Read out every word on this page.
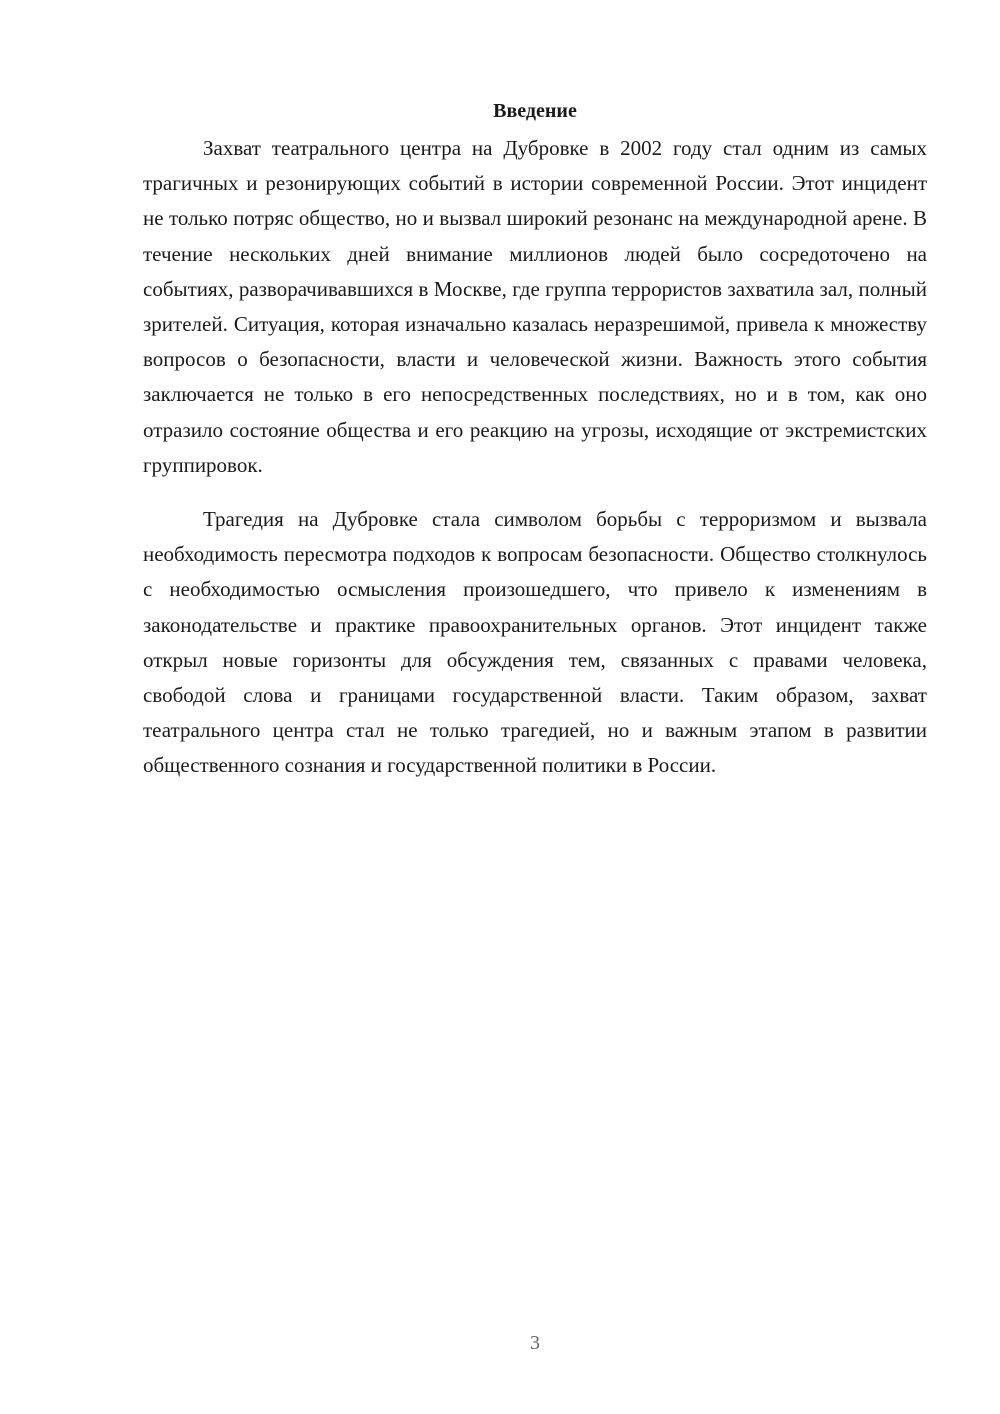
Введение

Захват театрального центра на Дубровке в 2002 году стал одним из самых трагичных и резонирующих событий в истории современной России. Этот инцидент не только потряс общество, но и вызвал широкий резонанс на международной арене. В течение нескольких дней внимание миллионов людей было сосредоточено на событиях, разворачивавшихся в Москве, где группа террористов захватила зал, полный зрителей. Ситуация, которая изначально казалась неразрешимой, привела к множеству вопросов о безопасности, власти и человеческой жизни. Важность этого события заключается не только в его непосредственных последствиях, но и в том, как оно отразило состояние общества и его реакцию на угрозы, исходящие от экстремистских группировок.

Трагедия на Дубровке стала символом борьбы с терроризмом и вызвала необходимость пересмотра подходов к вопросам безопасности. Общество столкнулось с необходимостью осмысления произошедшего, что привело к изменениям в законодательстве и практике правоохранительных органов. Этот инцидент также открыл новые горизонты для обсуждения тем, связанных с правами человека, свободой слова и границами государственной власти. Таким образом, захват театрального центра стал не только трагедией, но и важным этапом в развитии общественного сознания и государственной политики в России.

3
